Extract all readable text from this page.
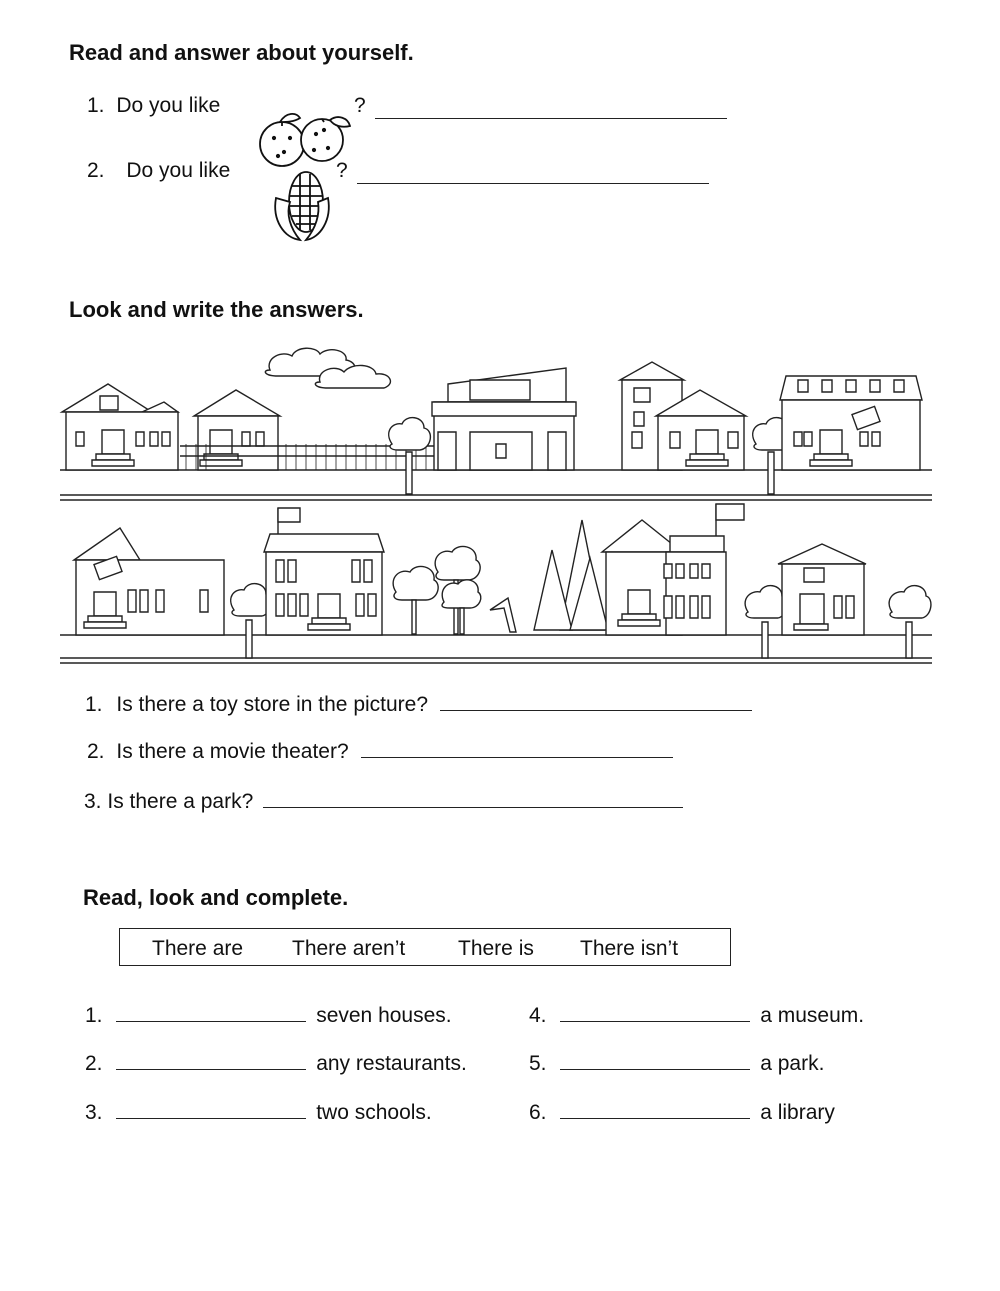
Read and answer about yourself.
1. Do you like	?
2. Do you like	?
Look and write the answers.
1. Is there a toy store in the picture?
2. Is there a movie theater?
3. Is there a park?
Read, look and complete.
There are There aren’t	There is There isn’t
1.	seven houses.
2.	any restaurants.
3.	two schools.
4.	a museum.
5.	a park.
6.	a library
